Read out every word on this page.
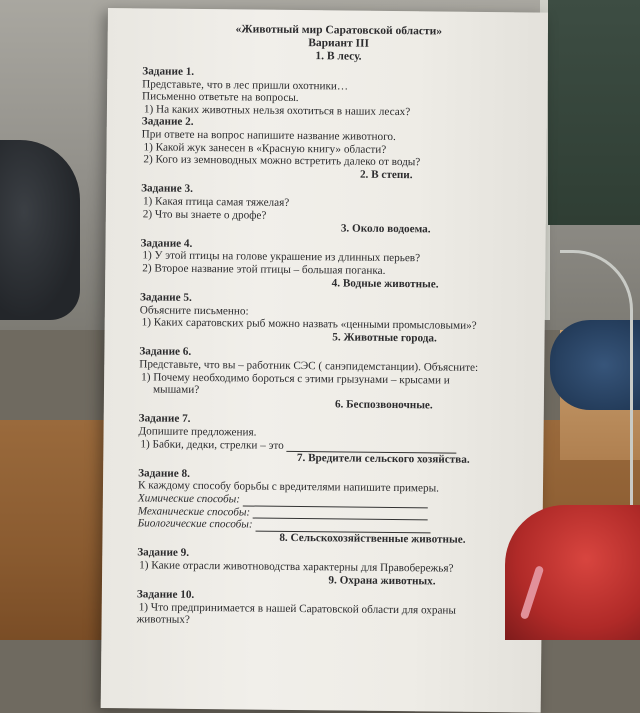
«Животный мир Саратовской области»
Вариант III
1. В лесу.
Задание 1.
Представьте, что в лес пришли охотники…
Письменно ответьте на вопросы.
1) На каких животных нельзя охотиться в наших лесах?
Задание 2.
При ответе на вопрос напишите название животного.
1) Какой жук занесен в «Красную книгу» области?
2) Кого из земноводных можно встретить далеко от воды?
2. В степи.
Задание 3.
1) Какая птица самая тяжелая?
2) Что вы знаете о дрофе?
3. Около водоема.
Задание 4.
1) У этой птицы на голове украшение из длинных перьев?
2) Второе название этой птицы – большая поганка.
4. Водные животные.
Задание 5.
Объясните письменно:
1) Каких саратовских рыб можно назвать «ценными промысловыми»?
5. Животные города.
Задание 6.
Представьте, что вы – работник СЭС ( санэпидемстанции). Объясните:
1) Почему необходимо бороться с этими грызунами – крысами и
мышами?
6. Беспозвоночные.
Задание 7.
Допишите предложения.
1) Бабки, дедки, стрелки – это
7. Вредители сельского хозяйства.
Задание 8.
К каждому способу борьбы с вредителями напишите примеры.
Химические способы:
Механические способы:
Биологические способы:
8. Сельскохозяйственные животные.
Задание 9.
1) Какие отрасли животноводства характерны для Правобережья?
9. Охрана животных.
Задание 10.
1) Что предпринимается в нашей Саратовской области для охраны
животных?
